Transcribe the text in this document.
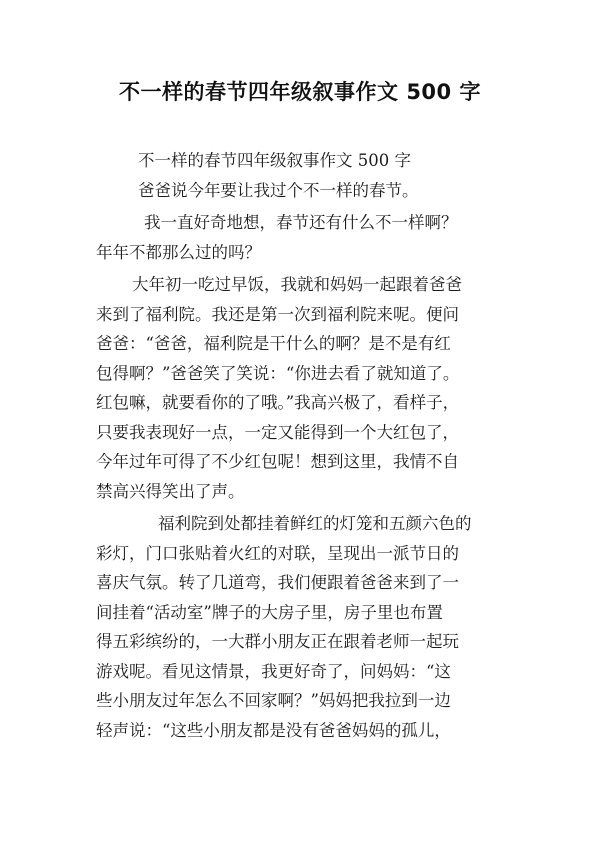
不一样的春节四年级叙事作文 500 字
不一样的春节四年级叙事作文 500 字
爸爸说今年要让我过个不一样的春节。
我一直好奇地想，春节还有什么不一样啊？
年年不都那么过的吗？
大年初一吃过早饭，我就和妈妈一起跟着爸爸
来到了福利院。我还是第一次到福利院来呢。便问
爸爸：“爸爸，福利院是干什么的啊？是不是有红
包得啊？”爸爸笑了笑说：“你进去看了就知道了。
红包嘛，就要看你的了哦。”我高兴极了，看样子，
只要我表现好一点，一定又能得到一个大红包了，
今年过年可得了不少红包呢！想到这里，我情不自
禁高兴得笑出了声。
福利院到处都挂着鲜红的灯笼和五颜六色的
彩灯，门口张贴着火红的对联，呈现出一派节日的
喜庆气氛。转了几道弯，我们便跟着爸爸来到了一
间挂着“活动室”牌子的大房子里，房子里也布置
得五彩缤纷的，一大群小朋友正在跟着老师一起玩
游戏呢。看见这情景，我更好奇了，问妈妈：“这
些小朋友过年怎么不回家啊？”妈妈把我拉到一边
轻声说：“这些小朋友都是没有爸爸妈妈的孤儿，
